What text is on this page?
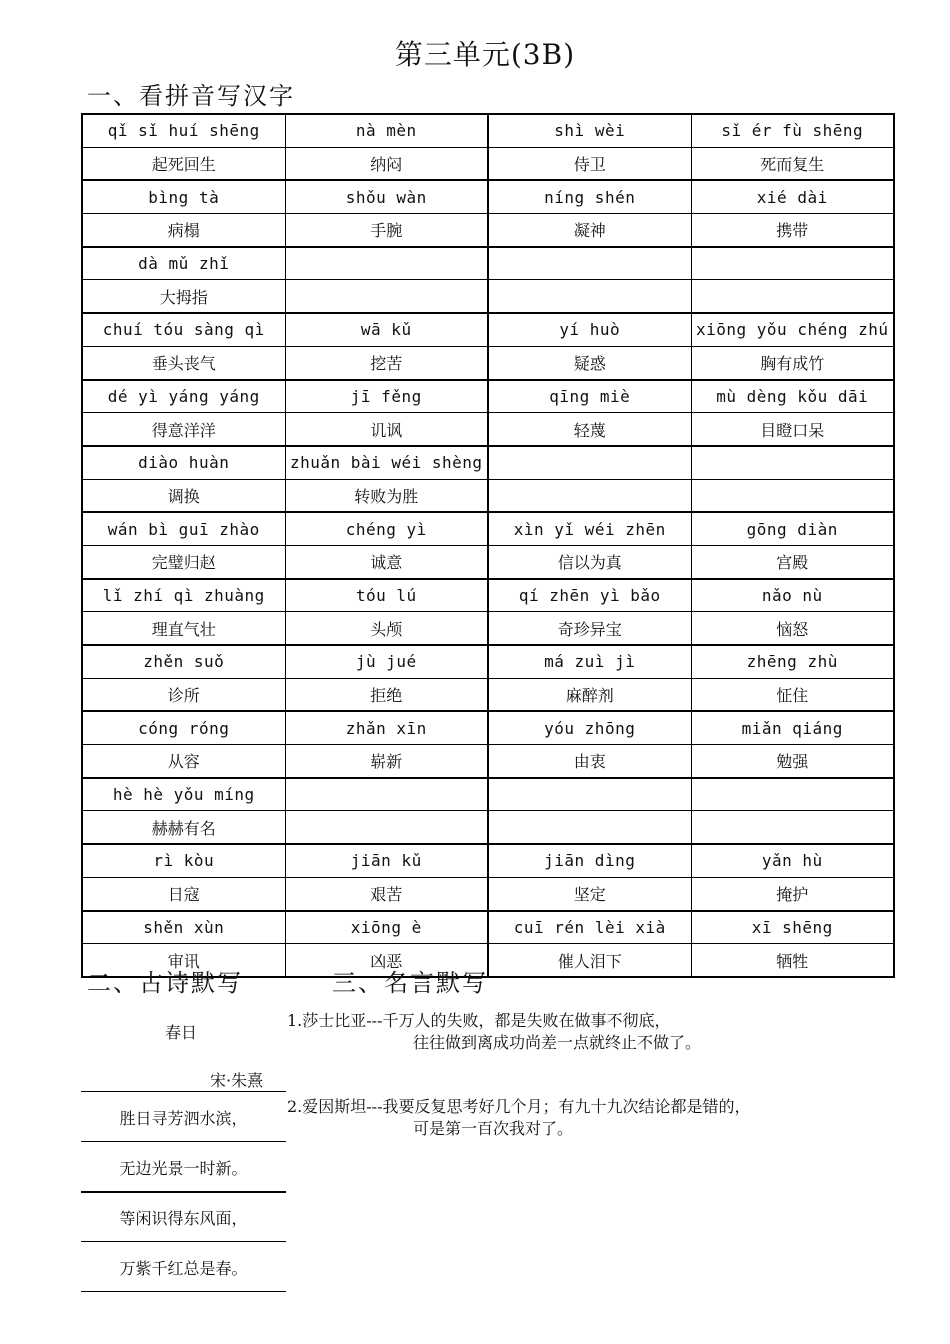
第三单元(3B)
一、看拼音写汉字
qǐ sǐ huí shēng	nà mèn	shì wèi	sǐ ér fù shēng
起死回生	纳闷	侍卫	死而复生
bìng tà	shǒu wàn	níng shén	xié dài
病榻	手腕	凝神	携带
dà mǔ zhǐ			
大拇指			
chuí tóu sàng qì	wā kǔ	yí huò	xiōng yǒu chéng zhú
垂头丧气	挖苦	疑惑	胸有成竹
dé yì yáng yáng	jī fěng	qīng miè	mù dèng kǒu dāi
得意洋洋	讥讽	轻蔑	目瞪口呆
diào huàn	zhuǎn bài wéi shèng		
调换	转败为胜		
wán bì guī zhào	chéng yì	xìn yǐ wéi zhēn	gōng diàn
完璧归赵	诚意	信以为真	宫殿
lǐ zhí qì zhuàng	tóu lú	qí zhēn yì bǎo	nǎo nù
理直气壮	头颅	奇珍异宝	恼怒
zhěn suǒ	jù jué	má zuì jì	zhēng zhù
诊所	拒绝	麻醉剂	怔住
cóng róng	zhǎn xīn	yóu zhōng	miǎn qiáng
从容	崭新	由衷	勉强
hè hè yǒu míng			
赫赫有名			
rì kòu	jiān kǔ	jiān dìng	yǎn hù
日寇	艰苦	坚定	掩护
shěn xùn	xiōng è	cuī rén lèi xià	xī shēng
审讯	凶恶	催人泪下	牺牲
二、古诗默写	三、名言默写
春日
宋·朱熹
胜日寻芳泗水滨，
无边光景一时新。
等闲识得东风面，
万紫千红总是春。
1.莎士比亚---千万人的失败，都是失败在做事不彻底，
往往做到离成功尚差一点就终止不做了。
2.爱因斯坦---我要反复思考好几个月；有九十九次结论都是错的，
可是第一百次我对了。
